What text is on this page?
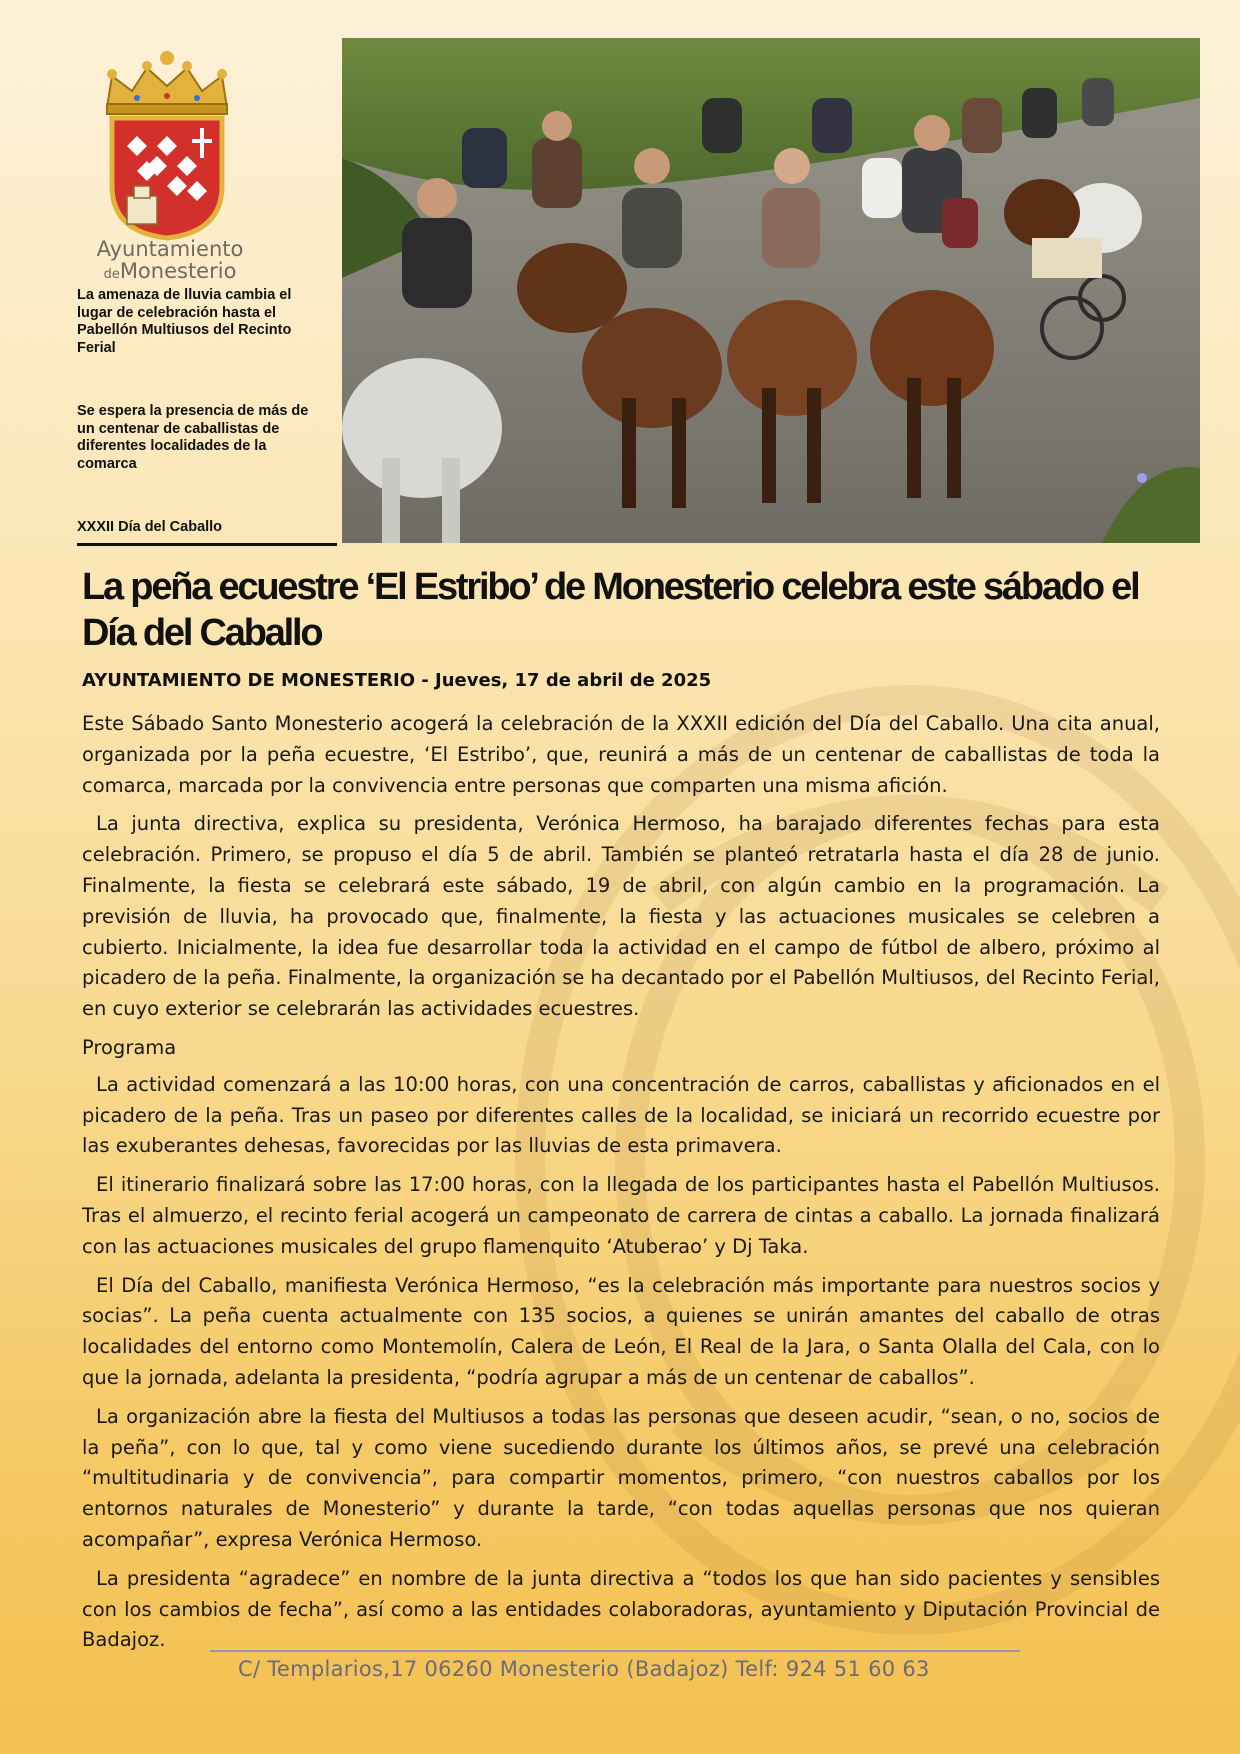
Ayuntamiento
deMonesterio
La amenaza de lluvia cambia el lugar de celebración hasta el Pabellón Multiusos del Recinto Ferial
Se espera la presencia de más de un centenar de caballistas de diferentes localidades de la comarca
XXXII Día del Caballo
La peña ecuestre ‘El Estribo’ de Monesterio celebra este sábado el Día del Caballo
AYUNTAMIENTO DE MONESTERIO - Jueves, 17 de abril de 2025

Este Sábado Santo Monesterio acogerá la celebración de la XXXII edición del Día del Caballo. Una cita anual, organizada por la peña ecuestre, ‘El Estribo’, que, reunirá a más de un centenar de caballistas de toda la comarca, marcada por la convivencia entre personas que comparten una misma afición.

La junta directiva, explica su presidenta, Verónica Hermoso, ha barajado diferentes fechas para esta celebración. Primero, se propuso el día 5 de abril. También se planteó retratarla hasta el día 28 de junio. Finalmente, la fiesta se celebrará este sábado, 19 de abril, con algún cambio en la programación. La previsión de lluvia, ha provocado que, finalmente, la fiesta y las actuaciones musicales se celebren a cubierto. Inicialmente, la idea fue desarrollar toda la actividad en el campo de fútbol de albero, próximo al picadero de la peña. Finalmente, la organización se ha decantado por el Pabellón Multiusos, del Recinto Ferial, en cuyo exterior se celebrarán las actividades ecuestres.

Programa

La actividad comenzará a las 10:00 horas, con una concentración de carros, caballistas y aficionados en el picadero de la peña. Tras un paseo por diferentes calles de la localidad, se iniciará un recorrido ecuestre por las exuberantes dehesas, favorecidas por las lluvias de esta primavera.

El itinerario finalizará sobre las 17:00 horas, con la llegada de los participantes hasta el Pabellón Multiusos. Tras el almuerzo, el recinto ferial acogerá un campeonato de carrera de cintas a caballo. La jornada finalizará con las actuaciones musicales del grupo flamenquito ‘Atuberao’ y Dj Taka.

El Día del Caballo, manifiesta Verónica Hermoso, “es la celebración más importante para nuestros socios y socias”. La peña cuenta actualmente con 135 socios, a quienes se unirán amantes del caballo de otras localidades del entorno como Montemolín, Calera de León, El Real de la Jara, o Santa Olalla del Cala, con lo que la jornada, adelanta la presidenta, “podría agrupar a más de un centenar de caballos”.

La organización abre la fiesta del Multiusos a todas las personas que deseen acudir, “sean, o no, socios de la peña”, con lo que, tal y como viene sucediendo durante los últimos años, se prevé una celebración “multitudinaria y de convivencia”, para compartir momentos, primero, “con nuestros caballos por los entornos naturales de Monesterio” y durante la tarde, “con todas aquellas personas que nos quieran acompañar”, expresa Verónica Hermoso.

La presidenta “agradece” en nombre de la junta directiva a “todos los que han sido pacientes y sensibles con los cambios de fecha”, así como a las entidades colaboradoras, ayuntamiento y Diputación Provincial de Badajoz.

C/ Templarios,17 06260 Monesterio (Badajoz) Telf: 924 51 60 63
